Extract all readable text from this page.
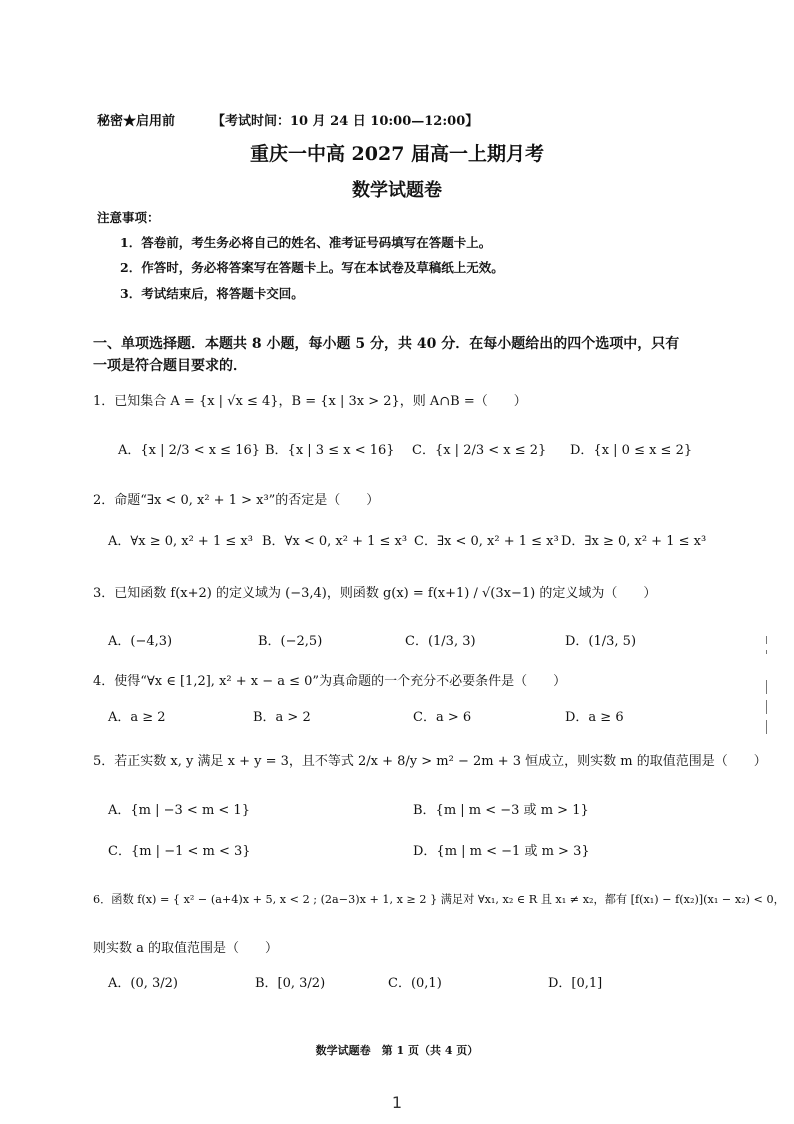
秘密★启用前	【考试时间：10 月 24 日 10:00—12:00】
重庆一中高 2027 届高一上期月考
数学试题卷
注意事项：
1．答卷前，考生务必将自己的姓名、准考证号码填写在答题卡上。
2．作答时，务必将答案写在答题卡上。写在本试卷及草稿纸上无效。
3．考试结束后，将答题卡交回。
一、单项选择题．本题共 8 小题，每小题 5 分，共 40 分．在每小题给出的四个选项中，只有
一项是符合题目要求的．
1．已知集合 A = {x | √x ≤ 4}，B = {x | 3x > 2}，则 A∩B =（　　）
A．{x | 2/3 < x ≤ 16} B．{x | 3 ≤ x < 16} C．{x | 2/3 < x ≤ 2} D．{x | 0 ≤ x ≤ 2}
2．命题“∃x < 0, x² + 1 > x³”的否定是（　　）
A．∀x ≥ 0, x² + 1 ≤ x³ B．∀x < 0, x² + 1 ≤ x³ C．∃x < 0, x² + 1 ≤ x³ D．∃x ≥ 0, x² + 1 ≤ x³
3．已知函数 f(x+2) 的定义域为 (−3,4)，则函数 g(x) = f(x+1) / √(3x−1) 的定义域为（　　）
A．(−4,3)	B．(−2,5)	C．(1/3, 3)	D．(1/3, 5)
4．使得“∀x ∈ [1,2], x² + x − a ≤ 0”为真命题的一个充分不必要条件是（　　）
A．a ≥ 2	B．a > 2	C．a > 6	D．a ≥ 6
5．若正实数 x, y 满足 x + y = 3，且不等式 2/x + 8/y > m² − 2m + 3 恒成立，则实数 m 的取值范围是（　　）
A．{m | −3 < m < 1}	B．{m | m < −3 或 m > 1}
C．{m | −1 < m < 3}	D．{m | m < −1 或 m > 3}
6．函数 f(x) = { x² − (a+4)x + 5, x < 2 ; (2a−3)x + 1, x ≥ 2 } 满足对 ∀x₁, x₂ ∈ R 且 x₁ ≠ x₂，都有 [f(x₁) − f(x₂)](x₁ − x₂) < 0，
则实数 a 的取值范围是（　　）
A．(0, 3/2)	B．[0, 3/2)	C．(0,1)	D．[0,1]
数学试题卷　第 1 页（共 4 页）
1
